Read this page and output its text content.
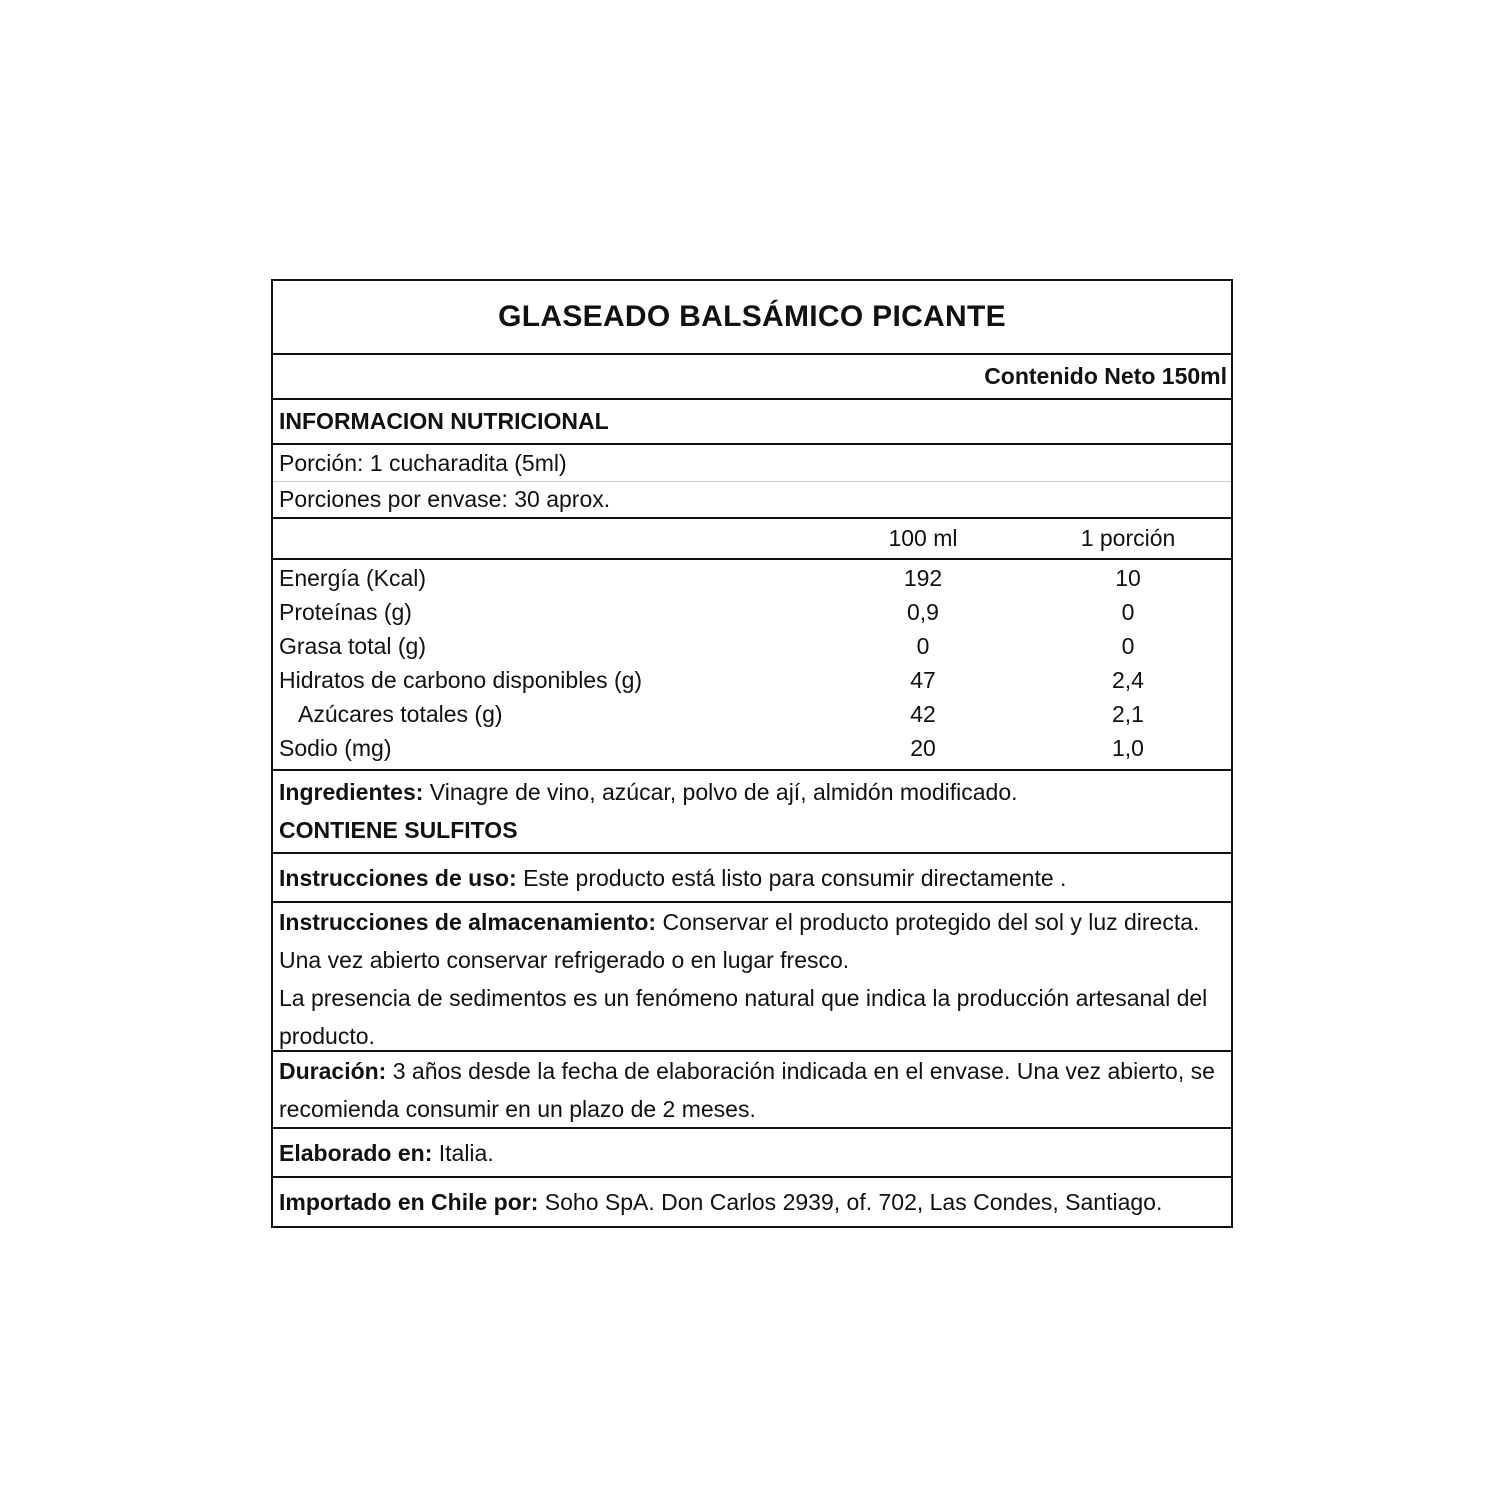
GLASEADO BALSÁMICO PICANTE
Contenido Neto 150ml
INFORMACION NUTRICIONAL
Porción: 1 cucharadita (5ml)
Porciones por envase: 30 aprox.
100 ml	1 porción
Energía (Kcal)	192	10
Proteínas (g)	0,9	0
Grasa total (g)	0	0
Hidratos de carbono disponibles (g)	47	2,4
Azúcares totales (g)	42	2,1
Sodio (mg)	20	1,0

Ingredientes: Vinagre de vino, azúcar, polvo de ají, almidón modificado.

CONTIENE SULFITOS

Instrucciones de uso: Este producto está listo para consumir directamente .

Instrucciones de almacenamiento: Conservar el producto protegido del sol y luz directa. Una vez abierto conservar refrigerado o en lugar fresco.

La presencia de sedimentos es un fenómeno natural que indica la producción artesanal del producto.

Duración: 3 años desde la fecha de elaboración indicada en el envase. Una vez abierto, se recomienda consumir en un plazo de 2 meses.

Elaborado en: Italia.

Importado en Chile por: Soho SpA. Don Carlos 2939, of. 702, Las Condes, Santiago.
